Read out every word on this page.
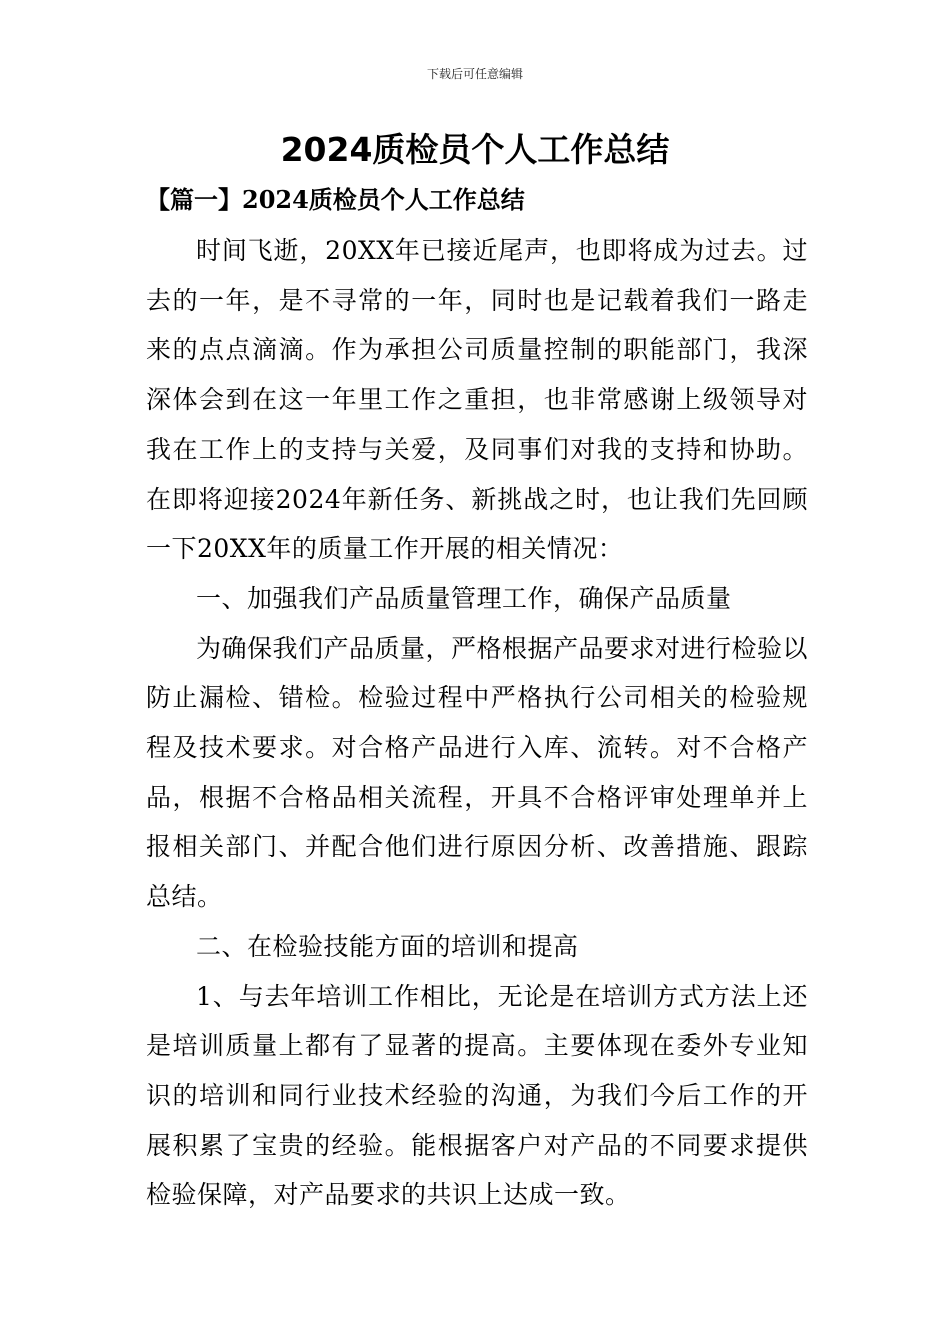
下载后可任意编辑
2024质检员个人工作总结
【篇一】2024质检员个人工作总结

时间飞逝，20XX年已接近尾声，也即将成为过去。过去的一年，是不寻常的一年，同时也是记载着我们一路走来的点点滴滴。作为承担公司质量控制的职能部门，我深深体会到在这一年里工作之重担，也非常感谢上级领导对我在工作上的支持与关爱，及同事们对我的支持和协助。在即将迎接2024年新任务、新挑战之时，也让我们先回顾一下20XX年的质量工作开展的相关情况：

一、加强我们产品质量管理工作，确保产品质量

为确保我们产品质量，严格根据产品要求对进行检验以防止漏检、错检。检验过程中严格执行公司相关的检验规程及技术要求。对合格产品进行入库、流转。对不合格产品，根据不合格品相关流程，开具不合格评审处理单并上报相关部门、并配合他们进行原因分析、改善措施、跟踪总结。

二、在检验技能方面的培训和提高

1、与去年培训工作相比，无论是在培训方式方法上还是培训质量上都有了显著的提高。主要体现在委外专业知识的培训和同行业技术经验的沟通，为我们今后工作的开展积累了宝贵的经验。能根据客户对产品的不同要求提供检验保障，对产品要求的共识上达成一致。
